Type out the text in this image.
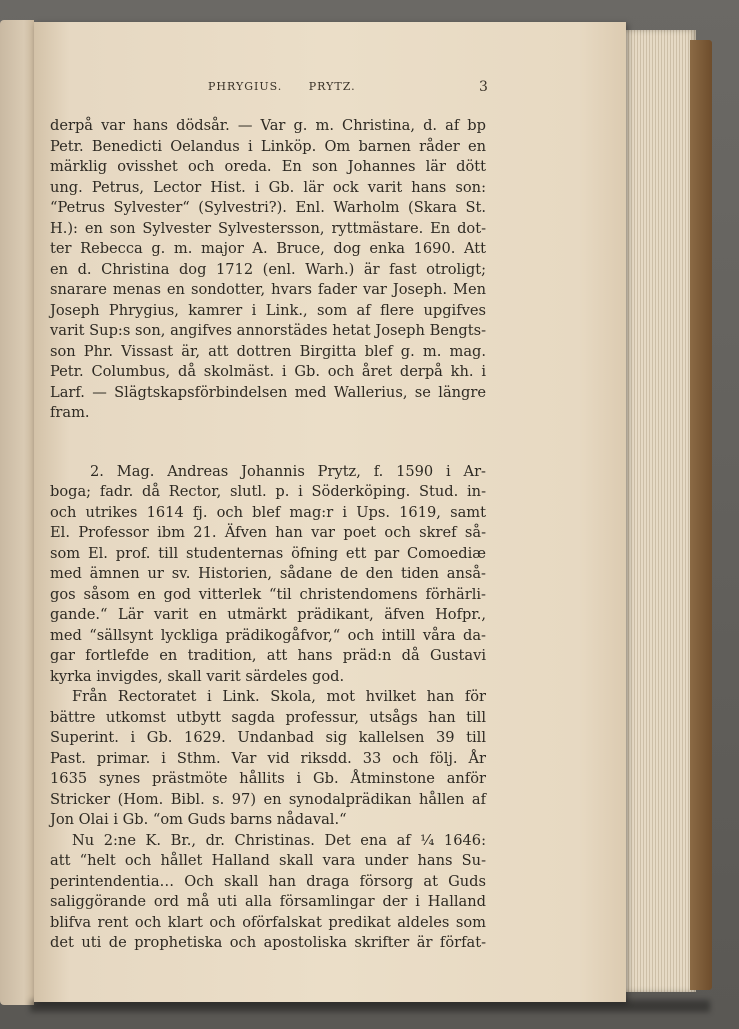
PHRYGIUS. PRYTZ.	3
derpå var hans dödsår. — Var g. m. Christina, d. af bp
Petr. Benedicti Oelandus i Linköp. Om barnen råder en
märklig ovisshet och oreda. En son Johannes lär dött
ung. Petrus, Lector Hist. i Gb. lär ock varit hans son:
“Petrus Sylvester“ (Sylvestri?). Enl. Warholm (Skara St.
H.): en son Sylvester Sylvestersson, ryttmästare. En dot-
ter Rebecca g. m. major A. Bruce, dog enka 1690. Att
en d. Christina dog 1712 (enl. Warh.) är fast otroligt;
snarare menas en sondotter, hvars fader var Joseph. Men
Joseph Phrygius, kamrer i Link., som af flere upgifves
varit Sup:s son, angifves annorstädes hetat Joseph Bengts-
son Phr. Vissast är, att dottren Birgitta blef g. m. mag.
Petr. Columbus, då skolmäst. i Gb. och året derpå kh. i
Larf. — Slägtskapsförbindelsen med Wallerius, se längre
fram.
2. Mag. Andreas Johannis Prytz, f. 1590 i Ar-
boga; fadr. då Rector, slutl. p. i Söderköping. Stud. in-
och utrikes 1614 fj. och blef mag:r i Ups. 1619, samt
El. Professor ibm 21. Äfven han var poet och skref så-
som El. prof. till studenternas öfning ett par Comoediæ
med ämnen ur sv. Historien, sådane de den tiden anså-
gos såsom en god vitterlek “til christendomens förhärli-
gande.“ Lär varit en utmärkt prädikant, äfven Hofpr.,
med “sällsynt lyckliga prädikogåfvor,“ och intill våra da-
gar fortlefde en tradition, att hans präd:n då Gustavi
kyrka invigdes, skall varit särdeles god.
Från Rectoratet i Link. Skola, mot hvilket han för
bättre utkomst utbytt sagda professur, utsågs han till
Superint. i Gb. 1629. Undanbad sig kallelsen 39 till
Past. primar. i Sthm. Var vid riksdd. 33 och följ. År
1635 synes prästmöte hållits i Gb. Åtminstone anför
Stricker (Hom. Bibl. s. 97) en synodalprädikan hållen af
Jon Olai i Gb. “om Guds barns nådaval.“
Nu 2:ne K. Br., dr. Christinas. Det ena af ¹⁄₄ 1646:
att “helt och hållet Halland skall vara under hans Su-
perintendentia… Och skall han draga försorg at Guds
saliggörande ord må uti alla församlingar der i Halland
blifva rent och klart och oförfalskat predikat aldeles som
det uti de prophetiska och apostoliska skrifter är förfat-
